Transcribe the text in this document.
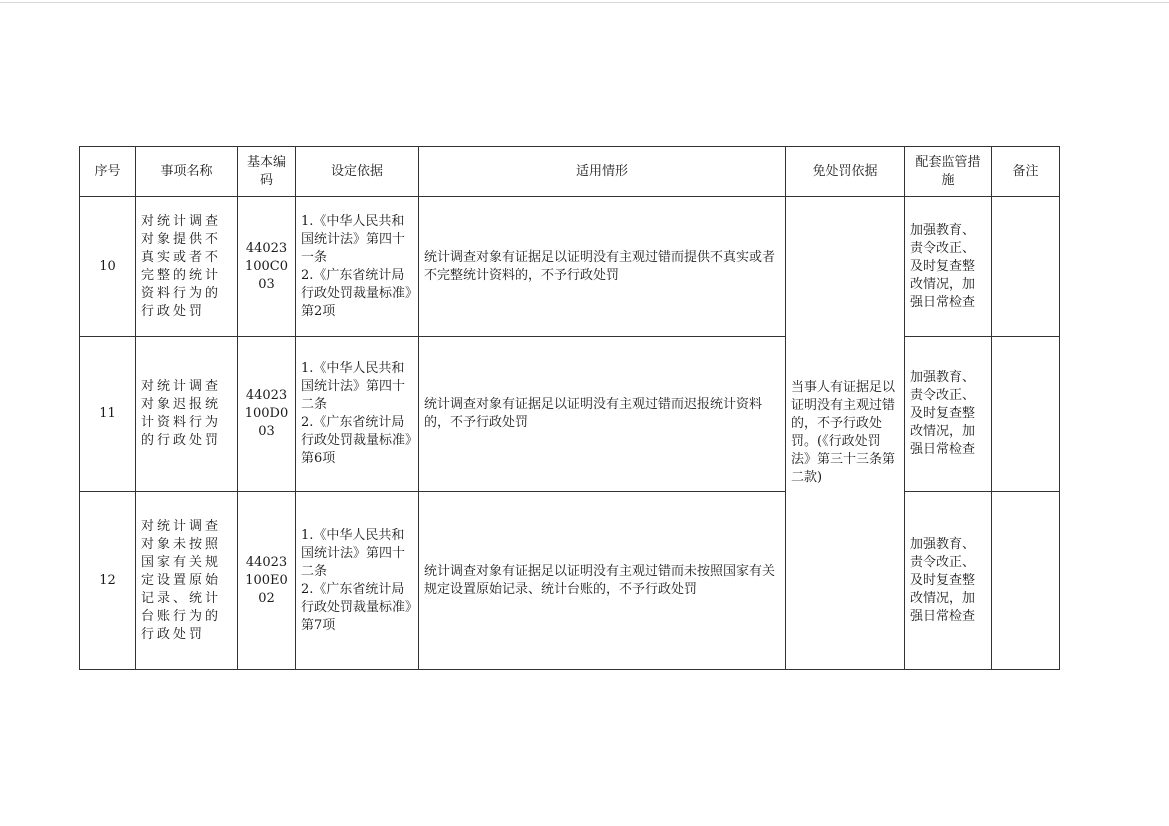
序号	事项名称	基本编码	设定依据	适用情形	免处罚依据	配套监管措施	备注
10	对统计调查对象提供不真实或者不完整的统计资料行为的行政处罚	44023100C003	1.《中华人民共和国统计法》第四十一条
2.《广东省统计局行政处罚裁量标准》第2项	统计调查对象有证据足以证明没有主观过错而提供不真实或者不完整统计资料的，不予行政处罚	当事人有证据足以证明没有主观过错的，不予行政处罚。(《行政处罚法》第三十三条第二款)	加强教育、责令改正、及时复查整改情况，加强日常检查	
11	对统计调查对象迟报统计资料行为的行政处罚	44023100D003	1.《中华人民共和国统计法》第四十二条
2.《广东省统计局行政处罚裁量标准》第6项	统计调查对象有证据足以证明没有主观过错而迟报统计资料的，不予行政处罚		加强教育、责令改正、及时复查整改情况，加强日常检查	
12	对统计调查对象未按照国家有关规定设置原始记录、统计台账行为的行政处罚	44023100E002	1.《中华人民共和国统计法》第四十二条
2.《广东省统计局行政处罚裁量标准》第7项	统计调查对象有证据足以证明没有主观过错而未按照国家有关规定设置原始记录、统计台账的，不予行政处罚		加强教育、责令改正、及时复查整改情况，加强日常检查	
